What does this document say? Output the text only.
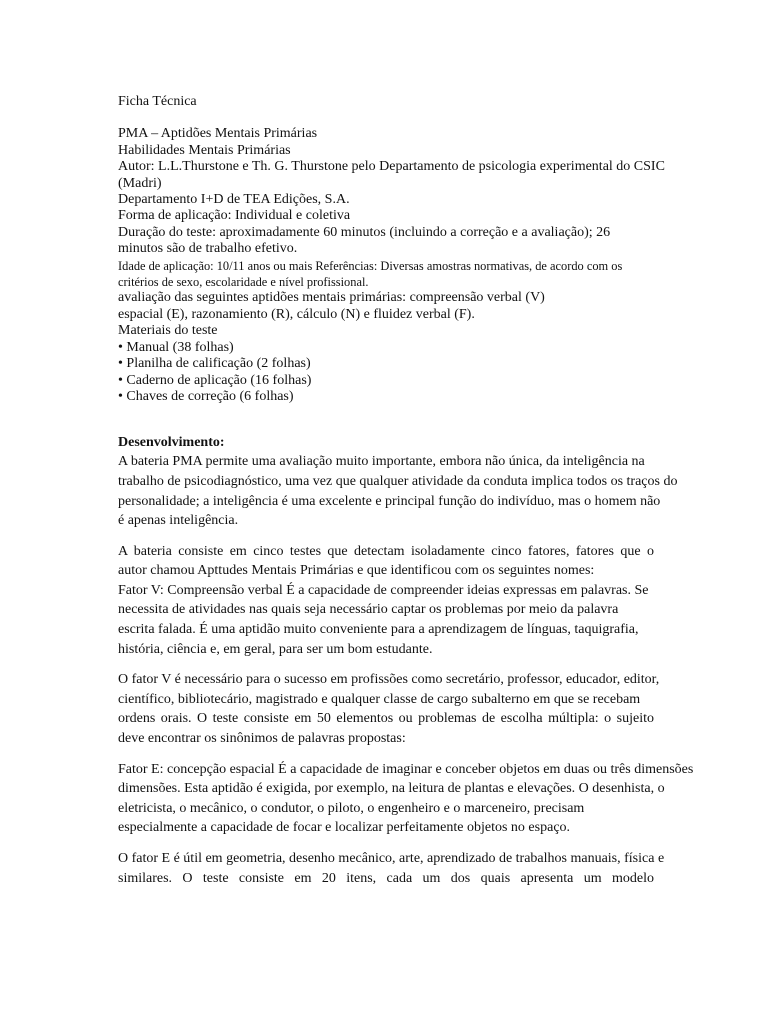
Ficha Técnica
PMA – Aptidões Mentais Primárias
Habilidades Mentais Primárias
Autor: L.L.Thurstone e Th. G. Thurstone pelo Departamento de psicologia experimental do CSIC
(Madri)
Departamento I+D de TEA Edições, S.A.
Forma de aplicação: Individual e coletiva
Duração do teste: aproximadamente 60 minutos (incluindo a correção e a avaliação); 26
minutos são de trabalho efetivo.
Idade de aplicação: 10/11 anos ou mais Referências: Diversas amostras normativas, de acordo com os
critérios de sexo, escolaridade e nível profissional.
avaliação das seguintes aptidões mentais primárias: compreensão verbal (V)
espacial (E), razonamiento (R), cálculo (N) e fluidez verbal (F).
Materiais do teste
• Manual (38 folhas)
• Planilha de calificação (2 folhas)
• Caderno de aplicação (16 folhas)
• Chaves de correção (6 folhas)
Desenvolvimento:
A bateria PMA permite uma avaliação muito importante, embora não única, da inteligência na
trabalho de psicodiagnóstico, uma vez que qualquer atividade da conduta implica todos os traços do
personalidade; a inteligência é uma excelente e principal função do indivíduo, mas o homem não
é apenas inteligência.
A bateria consiste em cinco testes que detectam isoladamente cinco fatores, fatores que o
autor chamou Apttudes Mentais Primárias e que identificou com os seguintes nomes:
Fator V: Compreensão verbal É a capacidade de compreender ideias expressas em palavras. Se
necessita de atividades nas quais seja necessário captar os problemas por meio da palavra
escrita falada. É uma aptidão muito conveniente para a aprendizagem de línguas, taquigrafia,
história, ciência e, em geral, para ser um bom estudante.
O fator V é necessário para o sucesso em profissões como secretário, professor, educador, editor,
científico, bibliotecário, magistrado e qualquer classe de cargo subalterno em que se recebam
ordens orais. O teste consiste em 50 elementos ou problemas de escolha múltipla: o sujeito
deve encontrar os sinônimos de palavras propostas:
Fator E: concepção espacial É a capacidade de imaginar e conceber objetos em duas ou três dimensões
dimensões. Esta aptidão é exigida, por exemplo, na leitura de plantas e elevações. O desenhista, o
eletricista, o mecânico, o condutor, o piloto, o engenheiro e o marceneiro, precisam
especialmente a capacidade de focar e localizar perfeitamente objetos no espaço.
O fator E é útil em geometria, desenho mecânico, arte, aprendizado de trabalhos manuais, física e
similares. O teste consiste em 20 itens, cada um dos quais apresenta um modelo
